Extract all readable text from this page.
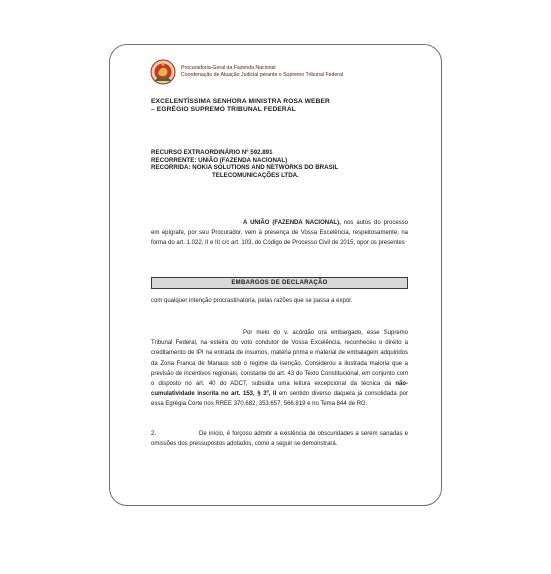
Procuradoria-Geral da Fazenda Nacional
Coordenação de Atuação Judicial perante o Supremo Tribunal Federal
EXCELENTÍSSIMA SENHORA MINISTRA ROSA WEBER
– EGRÉGIO SUPREMO TRIBUNAL FEDERAL
RECURSO EXTRAORDINÁRIO Nº 592.891
RECORRENTE: UNIÃO (FAZENDA NACIONAL)
RECORRIDA: NOKIA SOLUTIONS AND NETWORKS DO BRASIL
TELECOMUNICAÇÕES LTDA.
A UNIÃO (FAZENDA NACIONAL), nos autos do processo em epígrafe, por seu Procurador, vem à presença de Vossa Excelência, respeitosamente, na forma do art. 1.022, II e III c/c art. 103, do Código de Processo Civil de 2015, opor os presentes
EMBARGOS DE DECLARAÇÃO
com qualquer intenção procrastinatória, pelas razões que se passa a expor.
Por meio do v. acórdão ora embargado, esse Supremo Tribunal Federal, na esteira do voto condutor de Vossa Excelência, reconheceu o direito a creditamento de IPI na entrada de insumos, matéria prima e material de embalagem adquiridos da Zona Franca de Manaus sob o regime da isenção. Considerou a ilustrada maioria que a previsão de incentivos regionais, constante do art. 43 do Texto Constitucional, em conjunto com o disposto no art. 40 do ADCT, subsidia uma leitura excepcional da técnica da não-cumulatividade inscrita no art. 153, § 3º, II em sentido diverso daquela já consolidada por essa Egrégia Corte nos RREE 370.682, 353.657, 566.819 e no Tema 844 de RG.
2.	De início, é forçoso admitir a existência de obscuridades a serem sanadas e omissões dos pressupostos adotados, como a seguir se demonstrará.
